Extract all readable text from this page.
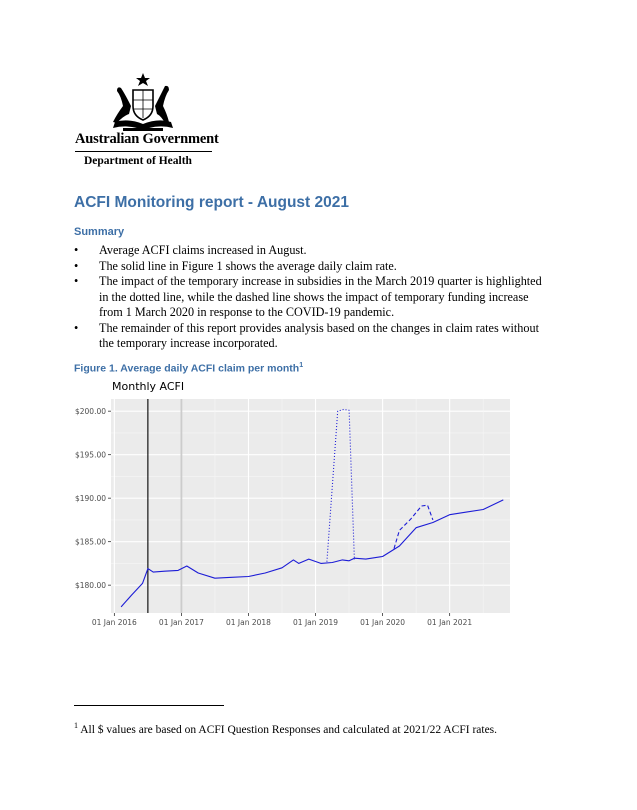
Australian Government
Department of Health
ACFI Monitoring report - August 2021
Summary
• Average ACFI claims increased in August.
• The solid line in Figure 1 shows the average daily claim rate.
• The impact of the temporary increase in subsidies in the March 2019 quarter is highlighted in the dotted line, while the dashed line shows the impact of temporary funding increase from 1 March 2020 in response to the COVID-19 pandemic.
• The remainder of this report provides analysis based on the changes in claim rates without the temporary increase incorporated.
Figure 1. Average daily ACFI claim per month$^1$
Monthly ACFI
$180.00
$185.00
$190.00
$195.00
$200.00
01 Jan 2016	01 Jan 2017	01 Jan 2018	01 Jan 2019	01 Jan 2020	01 Jan 2021
$^1$ All $ values are based on ACFI Question Responses and calculated at 2021/22 ACFI rates.
